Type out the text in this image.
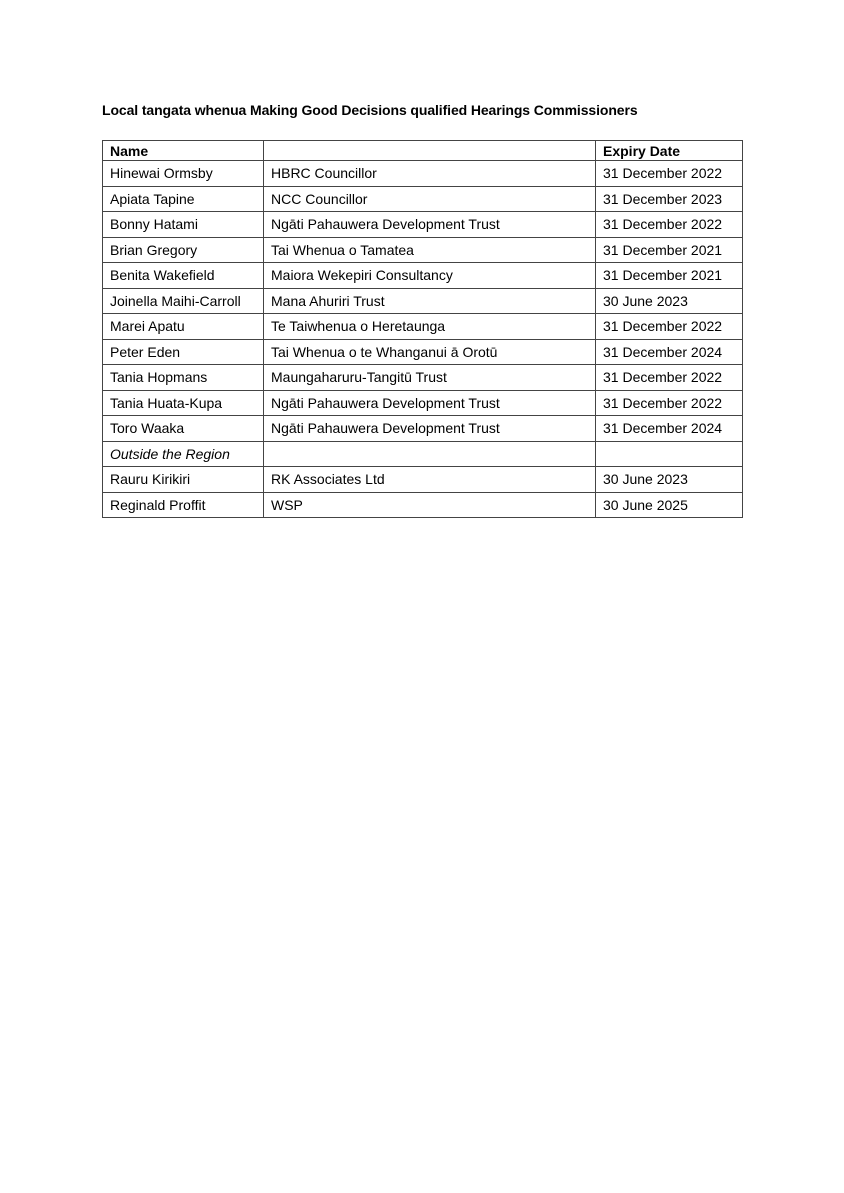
Local tangata whenua Making Good Decisions qualified Hearings Commissioners
Name		Expiry Date
Hinewai Ormsby	HBRC Councillor	31 December 2022
Apiata Tapine	NCC Councillor	31 December 2023
Bonny Hatami	Ngāti Pahauwera Development Trust	31 December 2022
Brian Gregory	Tai Whenua o Tamatea	31 December 2021
Benita Wakefield	Maiora Wekepiri Consultancy	31 December 2021
Joinella Maihi-Carroll	Mana Ahuriri Trust	30 June 2023
Marei Apatu	Te Taiwhenua o Heretaunga	31 December 2022
Peter Eden	Tai Whenua o te Whanganui ā Orotū	31 December 2024
Tania Hopmans	Maungaharuru-Tangitū Trust	31 December 2022
Tania Huata-Kupa	Ngāti Pahauwera Development Trust	31 December 2022
Toro Waaka	Ngāti Pahauwera Development Trust	31 December 2024
Outside the Region		
Rauru Kirikiri	RK Associates Ltd	30 June 2023
Reginald Proffit	WSP	30 June 2025
